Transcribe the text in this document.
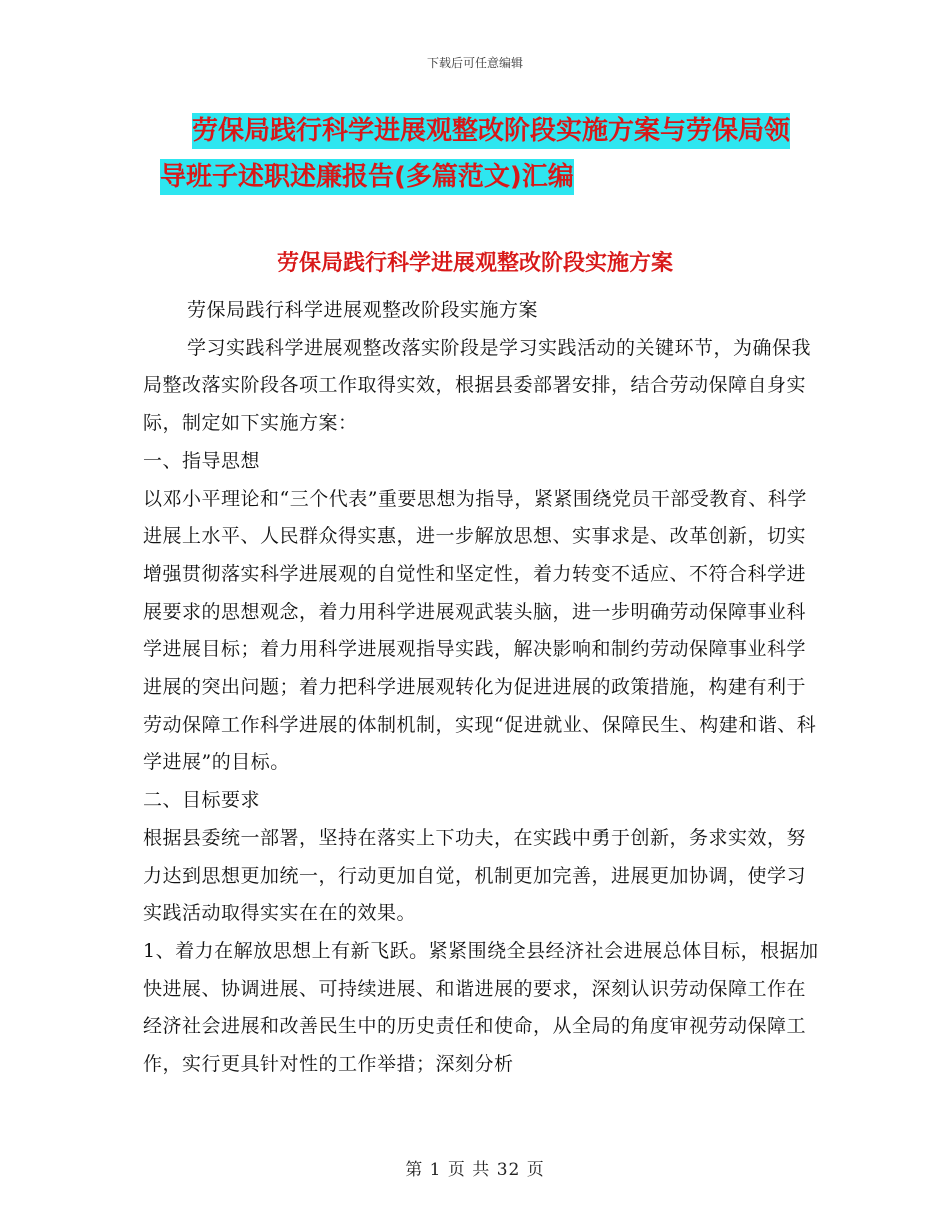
下载后可任意编辑
劳保局践行科学进展观整改阶段实施方案与劳保局领
导班子述职述廉报告(多篇范文)汇编
劳保局践行科学进展观整改阶段实施方案

劳保局践行科学进展观整改阶段实施方案

学习实践科学进展观整改落实阶段是学习实践活动的关键环节，为确保我局整改落实阶段各项工作取得实效，根据县委部署安排，结合劳动保障自身实际，制定如下实施方案：

一、指导思想

以邓小平理论和“三个代表”重要思想为指导，紧紧围绕党员干部受教育、科学进展上水平、人民群众得实惠，进一步解放思想、实事求是、改革创新，切实增强贯彻落实科学进展观的自觉性和坚定性，着力转变不适应、不符合科学进展要求的思想观念，着力用科学进展观武装头脑，进一步明确劳动保障事业科学进展目标；着力用科学进展观指导实践，解决影响和制约劳动保障事业科学进展的突出问题；着力把科学进展观转化为促进进展的政策措施，构建有利于劳动保障工作科学进展的体制机制，实现“促进就业、保障民生、构建和谐、科学进展”的目标。

二、目标要求

根据县委统一部署，坚持在落实上下功夫，在实践中勇于创新，务求实效，努力达到思想更加统一，行动更加自觉，机制更加完善，进展更加协调，使学习实践活动取得实实在在的效果。

1、着力在解放思想上有新飞跃。紧紧围绕全县经济社会进展总体目标，根据加快进展、协调进展、可持续进展、和谐进展的要求，深刻认识劳动保障工作在经济社会进展和改善民生中的历史责任和使命，从全局的角度审视劳动保障工作，实行更具针对性的工作举措；深刻分析

第 1 页 共 32 页
